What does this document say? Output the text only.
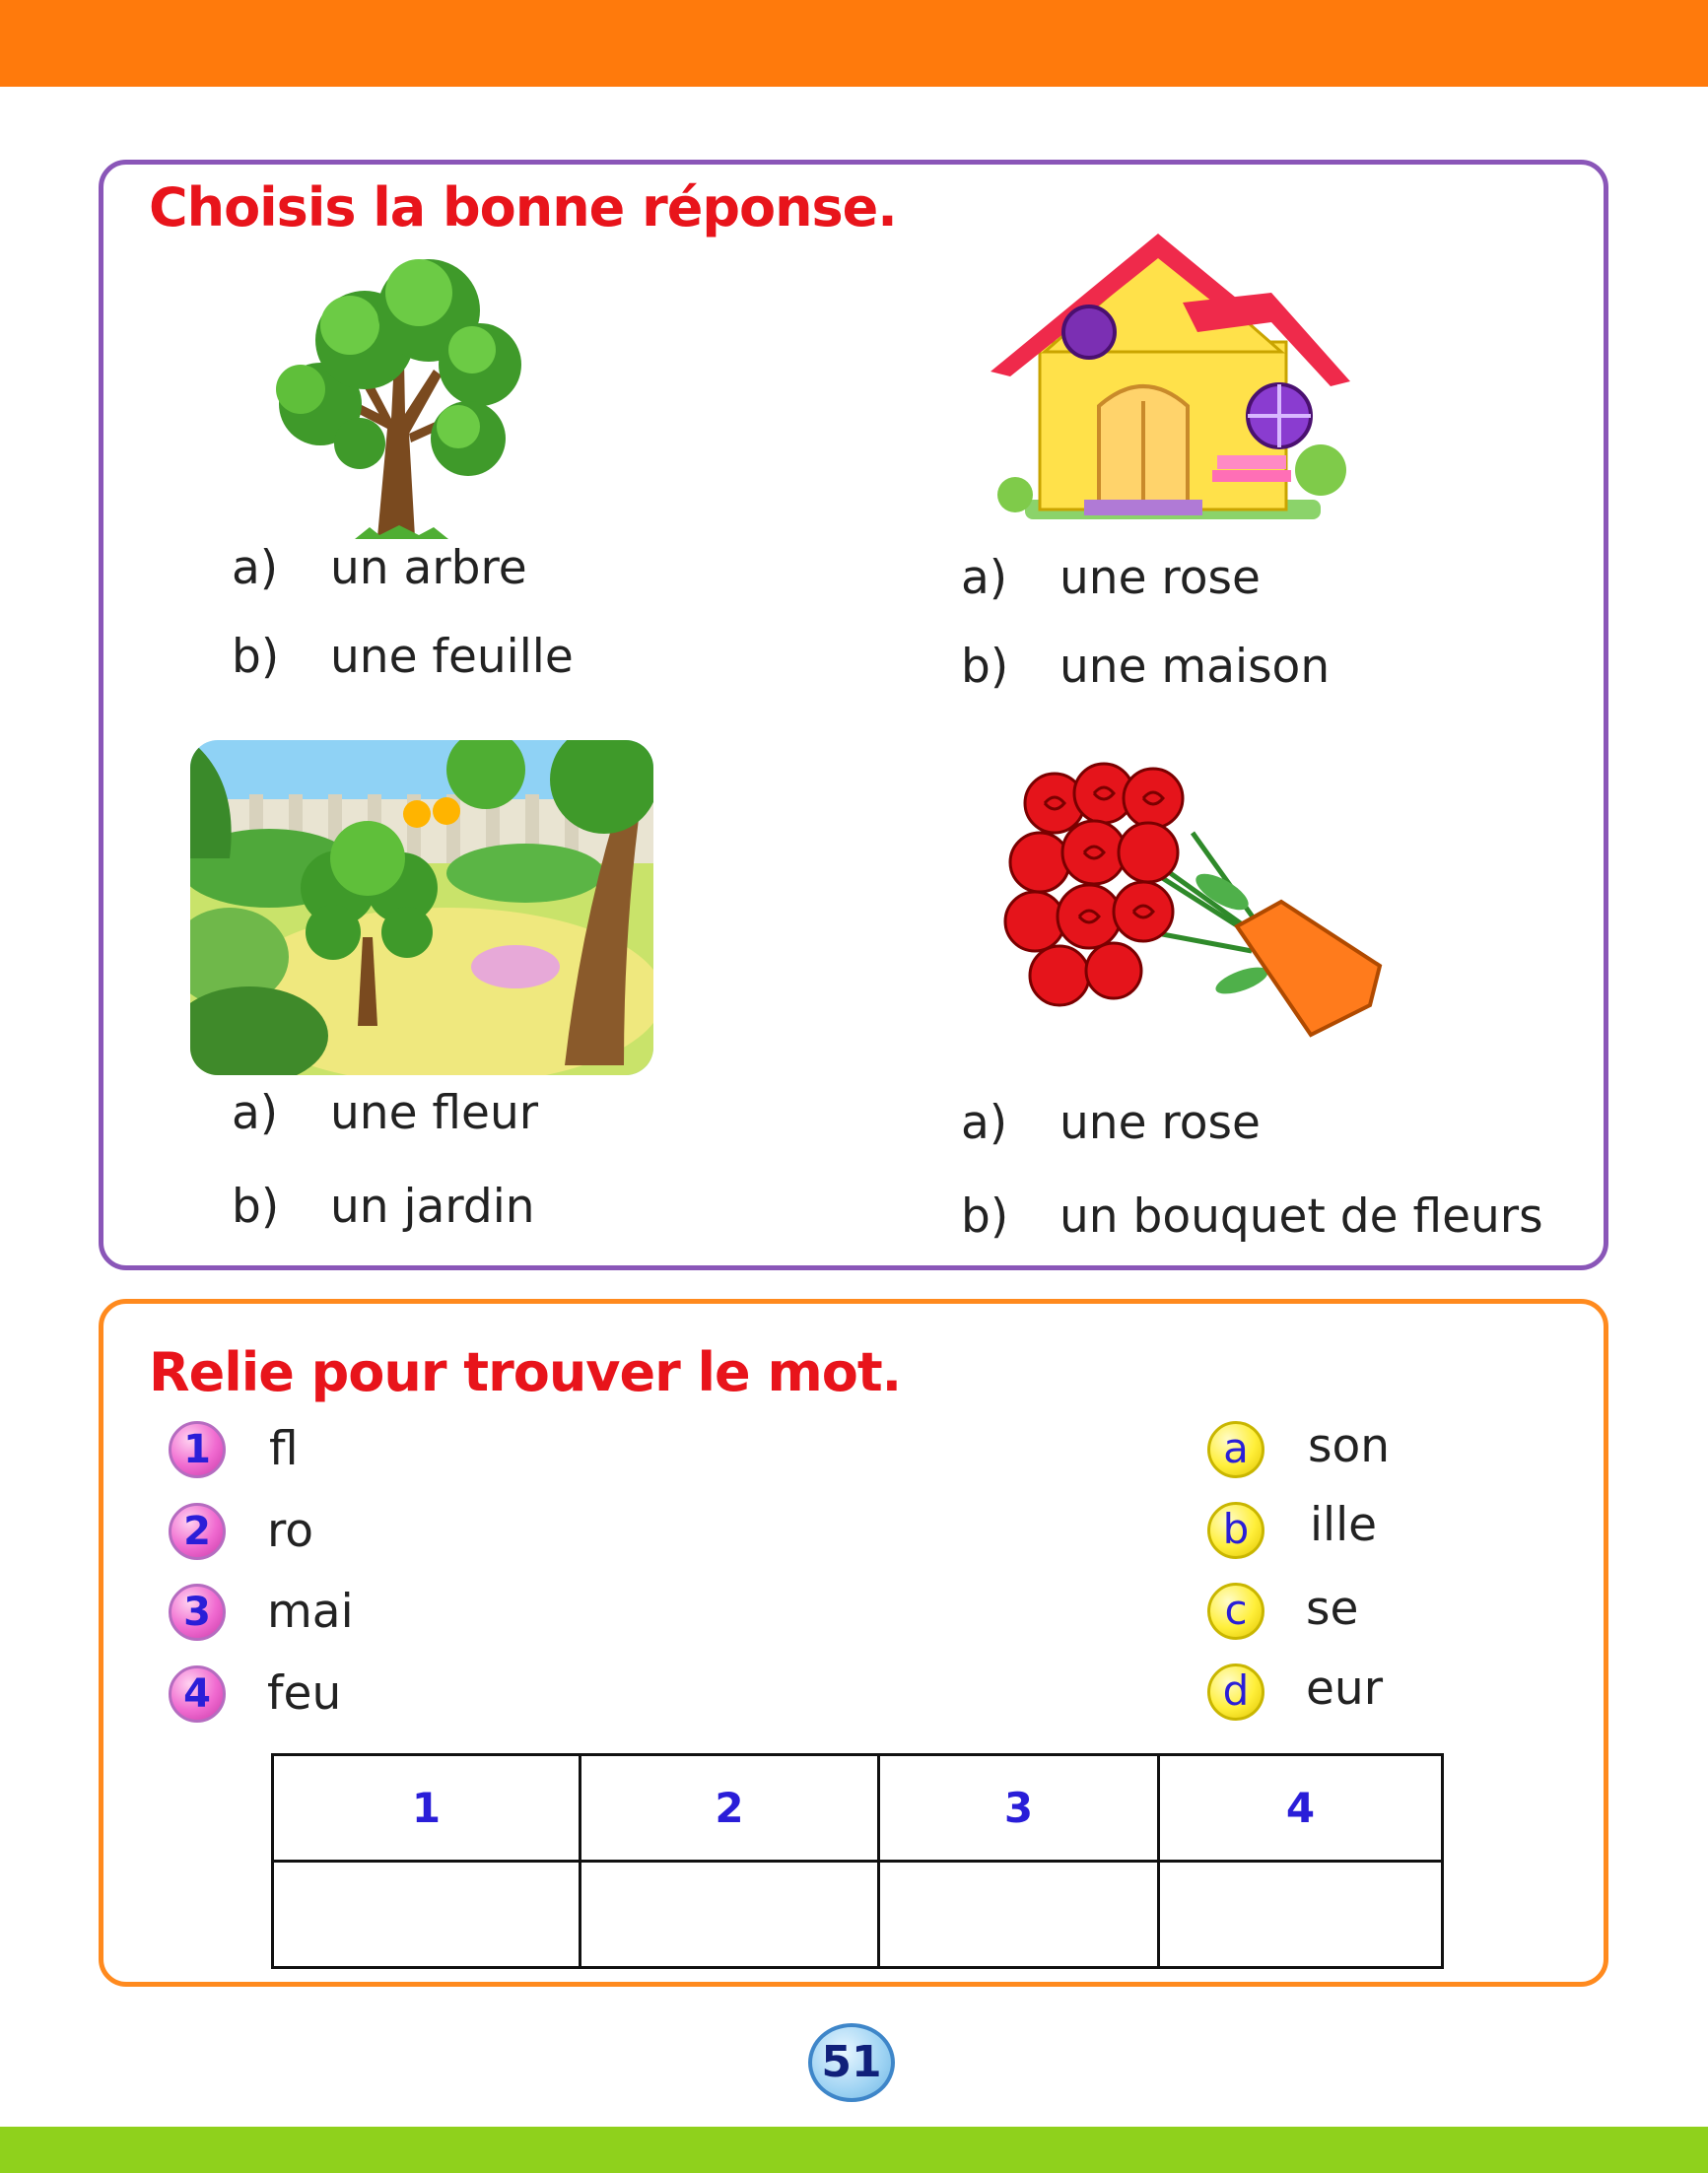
Choisis la bonne réponse.
a)	un arbre
b)	une feuille
a)	une rose
b)	une maison
a)	une fleur
b)	un jardin
a)	une rose
b)	un bouquet de fleurs
Relie pour trouver le mot.
1	fl
2	ro
3	mai
4	feu
a	son
b	ille
c	se
d	eur
1	2	3	4

51
